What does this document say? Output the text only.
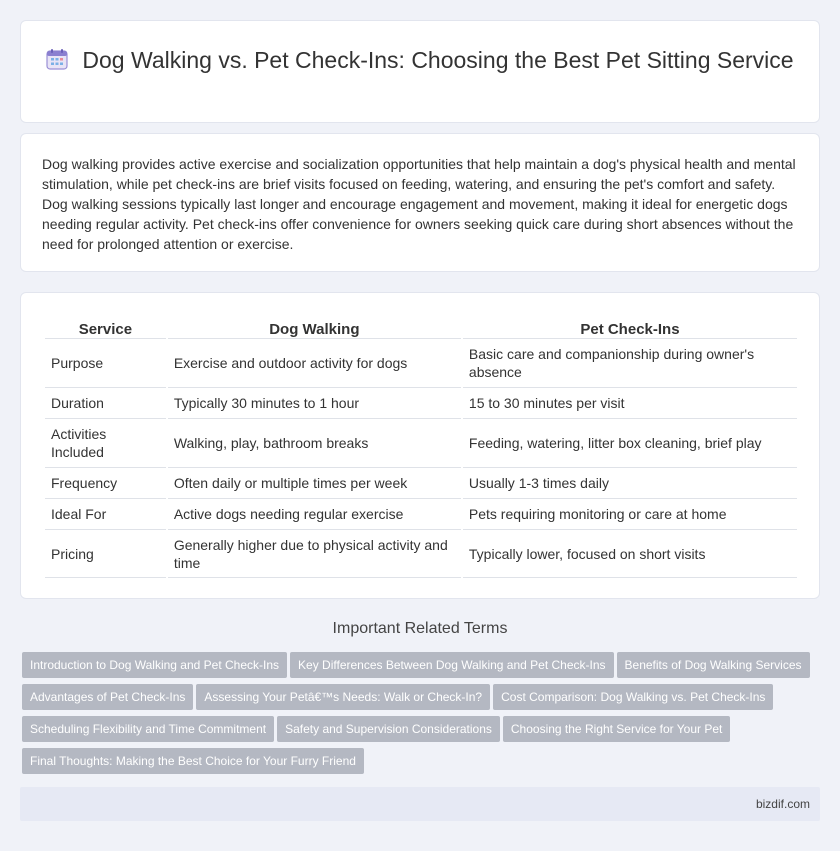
Dog Walking vs. Pet Check-Ins: Choosing the Best Pet Sitting Service

Dog walking provides active exercise and socialization opportunities that help maintain a dog's physical health and mental stimulation, while pet check-ins are brief visits focused on feeding, watering, and ensuring the pet's comfort and safety. Dog walking sessions typically last longer and encourage engagement and movement, making it ideal for energetic dogs needing regular activity. Pet check-ins offer convenience for owners seeking quick care during short absences without the need for prolonged attention or exercise.

Service	Dog Walking	Pet Check-Ins
Purpose	Exercise and outdoor activity for dogs	Basic care and companionship during owner's absence
Duration	Typically 30 minutes to 1 hour	15 to 30 minutes per visit
Activities Included	Walking, play, bathroom breaks	Feeding, watering, litter box cleaning, brief play
Frequency	Often daily or multiple times per week	Usually 1-3 times daily
Ideal For	Active dogs needing regular exercise	Pets requiring monitoring or care at home
Pricing	Generally higher due to physical activity and time	Typically lower, focused on short visits
Important Related Terms
Introduction to Dog Walking and Pet Check-Ins Key Differences Between Dog Walking and Pet Check-Ins Benefits of Dog Walking Services
Advantages of Pet Check-Ins Assessing Your Petâ€™s Needs: Walk or Check-In? Cost Comparison: Dog Walking vs. Pet Check-Ins
Scheduling Flexibility and Time Commitment Safety and Supervision Considerations Choosing the Right Service for Your Pet
Final Thoughts: Making the Best Choice for Your Furry Friend
bizdif.com
